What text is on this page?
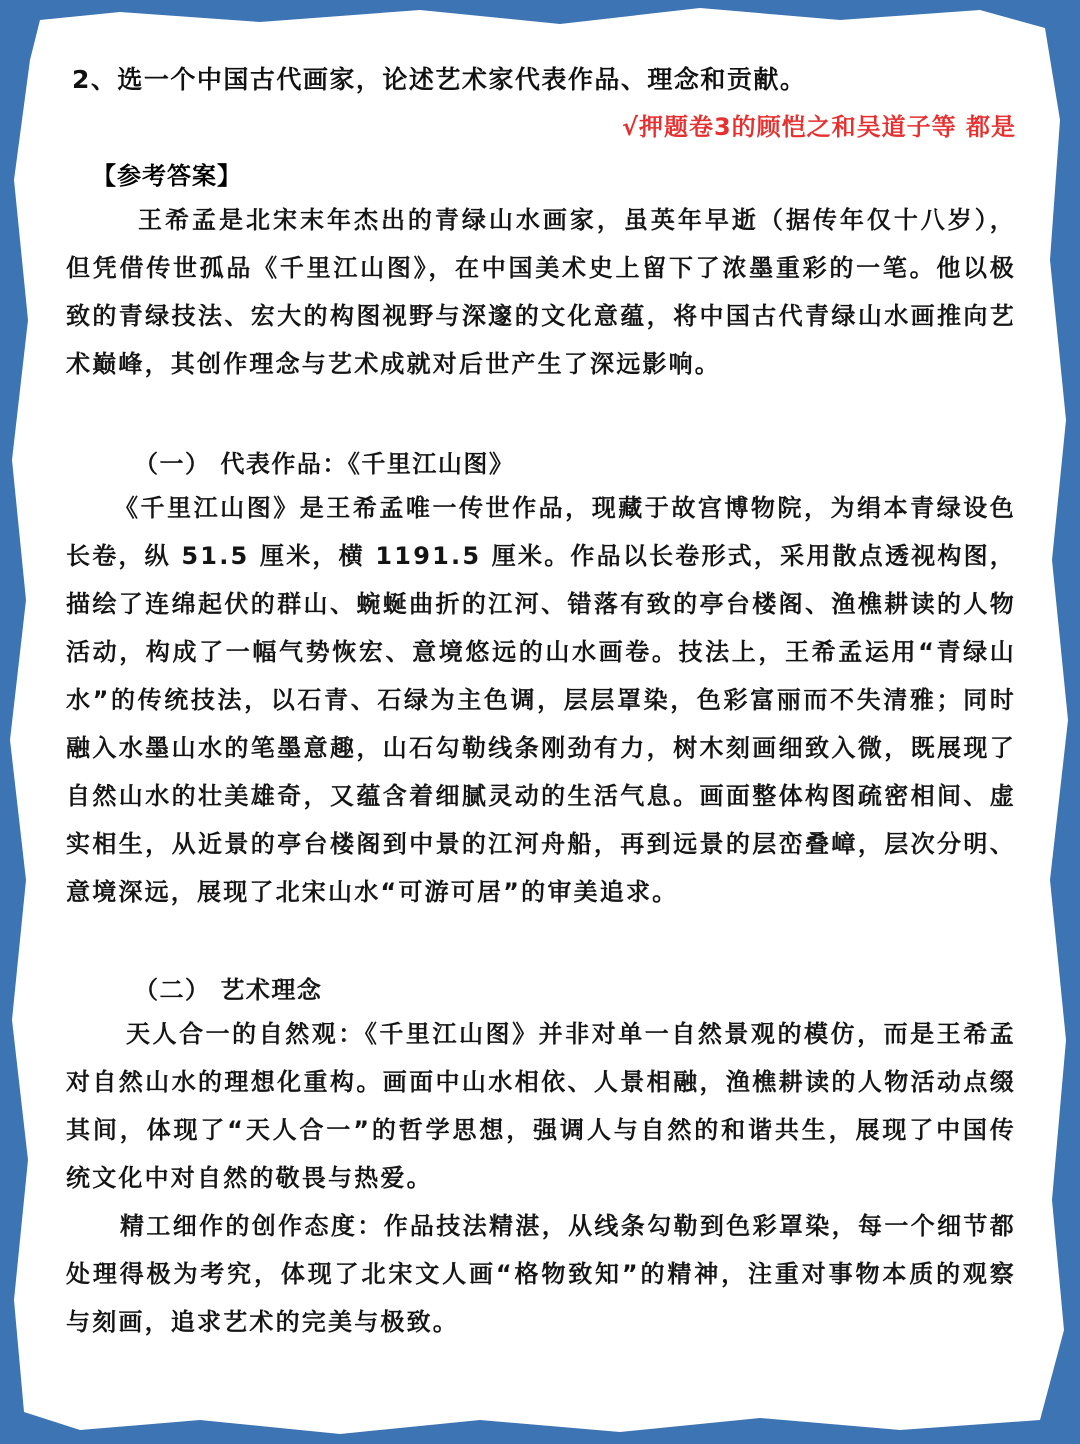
2、选一个中国古代画家，论述艺术家代表作品、理念和贡献。

√押题卷3的顾恺之和吴道子等 都是

【参考答案】

王希孟是北宋末年杰出的青绿山水画家，虽英年早逝（据传年仅十八岁），但凭借传世孤品《千里江山图》，在中国美术史上留下了浓墨重彩的一笔。他以极致的青绿技法、宏大的构图视野与深邃的文化意蕴，将中国古代青绿山水画推向艺术巅峰，其创作理念与艺术成就对后世产生了深远影响。

（一） 代表作品：《千里江山图》

《千里江山图》是王希孟唯一传世作品，现藏于故宫博物院，为绢本青绿设色长卷，纵 51.5 厘米，横 1191.5 厘米。作品以长卷形式，采用散点透视构图，描绘了连绵起伏的群山、蜿蜒曲折的江河、错落有致的亭台楼阁、渔樵耕读的人物活动，构成了一幅气势恢宏、意境悠远的山水画卷。技法上，王希孟运用“青绿山水”的传统技法，以石青、石绿为主色调，层层罩染，色彩富丽而不失清雅；同时融入水墨山水的笔墨意趣，山石勾勒线条刚劲有力，树木刻画细致入微，既展现了自然山水的壮美雄奇，又蕴含着细腻灵动的生活气息。画面整体构图疏密相间、虚实相生，从近景的亭台楼阁到中景的江河舟船，再到远景的层峦叠嶂，层次分明、意境深远，展现了北宋山水“可游可居”的审美追求。

（二） 艺术理念

天人合一的自然观：《千里江山图》并非对单一自然景观的模仿，而是王希孟对自然山水的理想化重构。画面中山水相依、人景相融，渔樵耕读的人物活动点缀其间，体现了“天人合一”的哲学思想，强调人与自然的和谐共生，展现了中国传统文化中对自然的敬畏与热爱。

精工细作的创作态度：作品技法精湛，从线条勾勒到色彩罩染，每一个细节都处理得极为考究，体现了北宋文人画“格物致知”的精神，注重对事物本质的观察与刻画，追求艺术的完美与极致。
